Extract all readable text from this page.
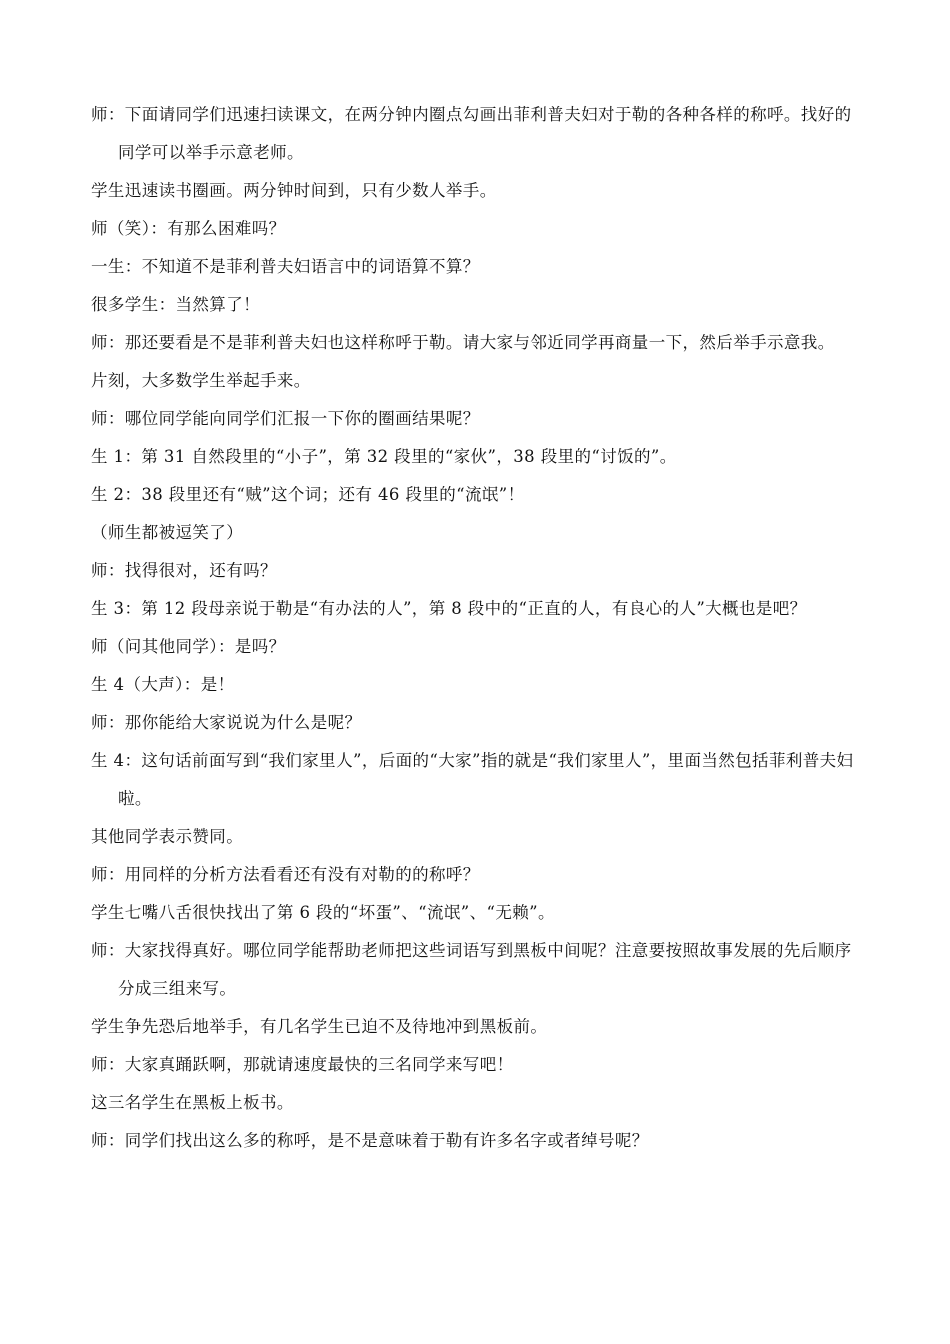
师：下面请同学们迅速扫读课文，在两分钟内圈点勾画出菲利普夫妇对于勒的各种各样的称呼。找好的同学可以举手示意老师。

学生迅速读书圈画。两分钟时间到，只有少数人举手。

师（笑）：有那么困难吗？

一生：不知道不是菲利普夫妇语言中的词语算不算？

很多学生：当然算了！

师：那还要看是不是菲利普夫妇也这样称呼于勒。请大家与邻近同学再商量一下，然后举手示意我。

片刻，大多数学生举起手来。

师：哪位同学能向同学们汇报一下你的圈画结果呢？

生 1：第 31 自然段里的“小子”，第 32 段里的“家伙”，38 段里的“讨饭的”。

生 2：38 段里还有“贼”这个词；还有 46 段里的“流氓”！

（师生都被逗笑了）

师：找得很对，还有吗？

生 3：第 12 段母亲说于勒是“有办法的人”，第 8 段中的“正直的人，有良心的人”大概也是吧？

师（问其他同学）：是吗？

生 4（大声）：是！

师：那你能给大家说说为什么是呢？

生 4：这句话前面写到“我们家里人”，后面的“大家”指的就是“我们家里人”，里面当然包括菲利普夫妇啦。

其他同学表示赞同。

师：用同样的分析方法看看还有没有对勒的的称呼？

学生七嘴八舌很快找出了第 6 段的“坏蛋”、“流氓”、“无赖”。

师：大家找得真好。哪位同学能帮助老师把这些词语写到黑板中间呢？注意要按照故事发展的先后顺序分成三组来写。

学生争先恐后地举手，有几名学生已迫不及待地冲到黑板前。

师：大家真踊跃啊，那就请速度最快的三名同学来写吧！

这三名学生在黑板上板书。

师：同学们找出这么多的称呼，是不是意味着于勒有许多名字或者绰号呢？
